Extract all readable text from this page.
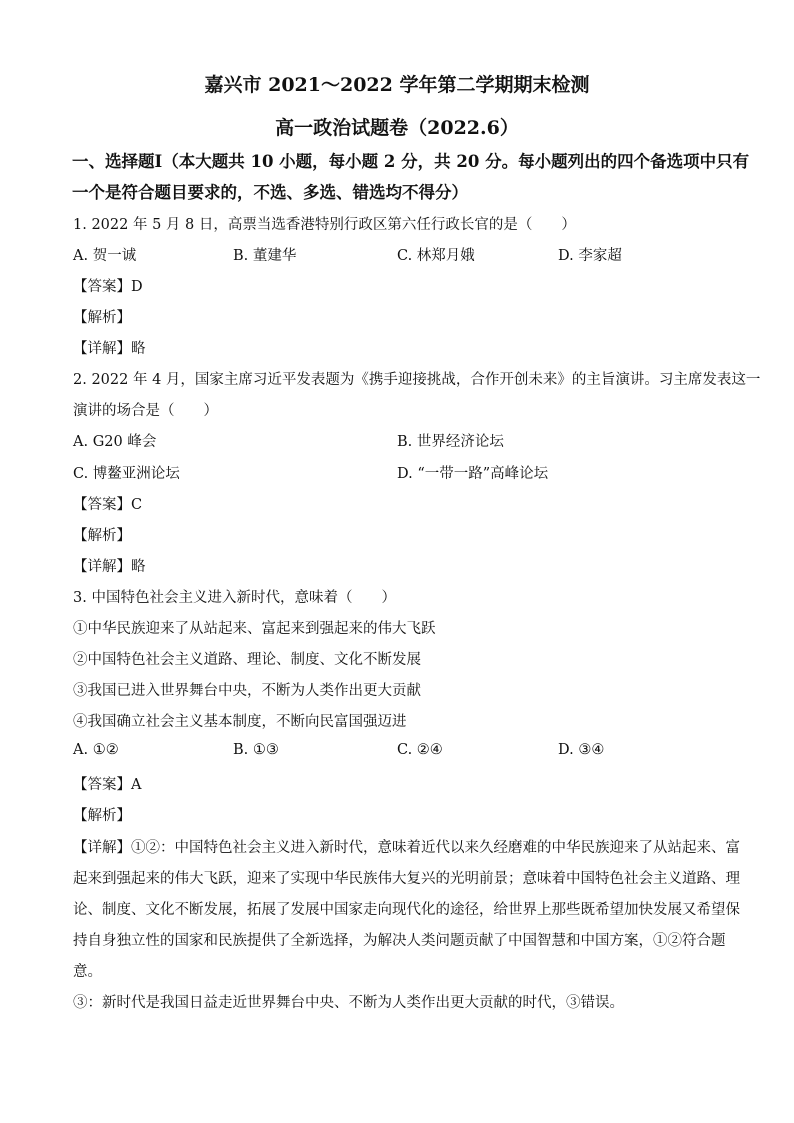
嘉兴市 2021～2022 学年第二学期期末检测
高一政治试题卷（2022.6）
一、选择题Ⅰ（本大题共 10 小题，每小题 2 分，共 20 分。每小题列出的四个备选项中只有
一个是符合题目要求的，不选、多选、错选均不得分）
1. 2022 年 5 月 8 日，高票当选香港特别行政区第六任行政长官的是（　　）
A. 贺一诚	B. 董建华	C. 林郑月娥	D. 李家超
【答案】D
【解析】
【详解】略
2. 2022 年 4 月，国家主席习近平发表题为《携手迎接挑战，合作开创未来》的主旨演讲。习主席发表这一
演讲的场合是（　　）
A. G20 峰会	B. 世界经济论坛
C. 博鳌亚洲论坛	D. “一带一路”高峰论坛
【答案】C
【解析】
【详解】略
3. 中国特色社会主义进入新时代，意味着（　　）
①中华民族迎来了从站起来、富起来到强起来的伟大飞跃
②中国特色社会主义道路、理论、制度、文化不断发展
③我国已进入世界舞台中央，不断为人类作出更大贡献
④我国确立社会主义基本制度，不断向民富国强迈进
A. ①②	B. ①③	C. ②④	D. ③④
【答案】A
【解析】
【详解】①②：中国特色社会主义进入新时代，意味着近代以来久经磨难的中华民族迎来了从站起来、富
起来到强起来的伟大飞跃，迎来了实现中华民族伟大复兴的光明前景；意味着中国特色社会主义道路、理
论、制度、文化不断发展，拓展了发展中国家走向现代化的途径，给世界上那些既希望加快发展又希望保
持自身独立性的国家和民族提供了全新选择，为解决人类问题贡献了中国智慧和中国方案，①②符合题
意。
③：新时代是我国日益走近世界舞台中央、不断为人类作出更大贡献的时代，③错误。
